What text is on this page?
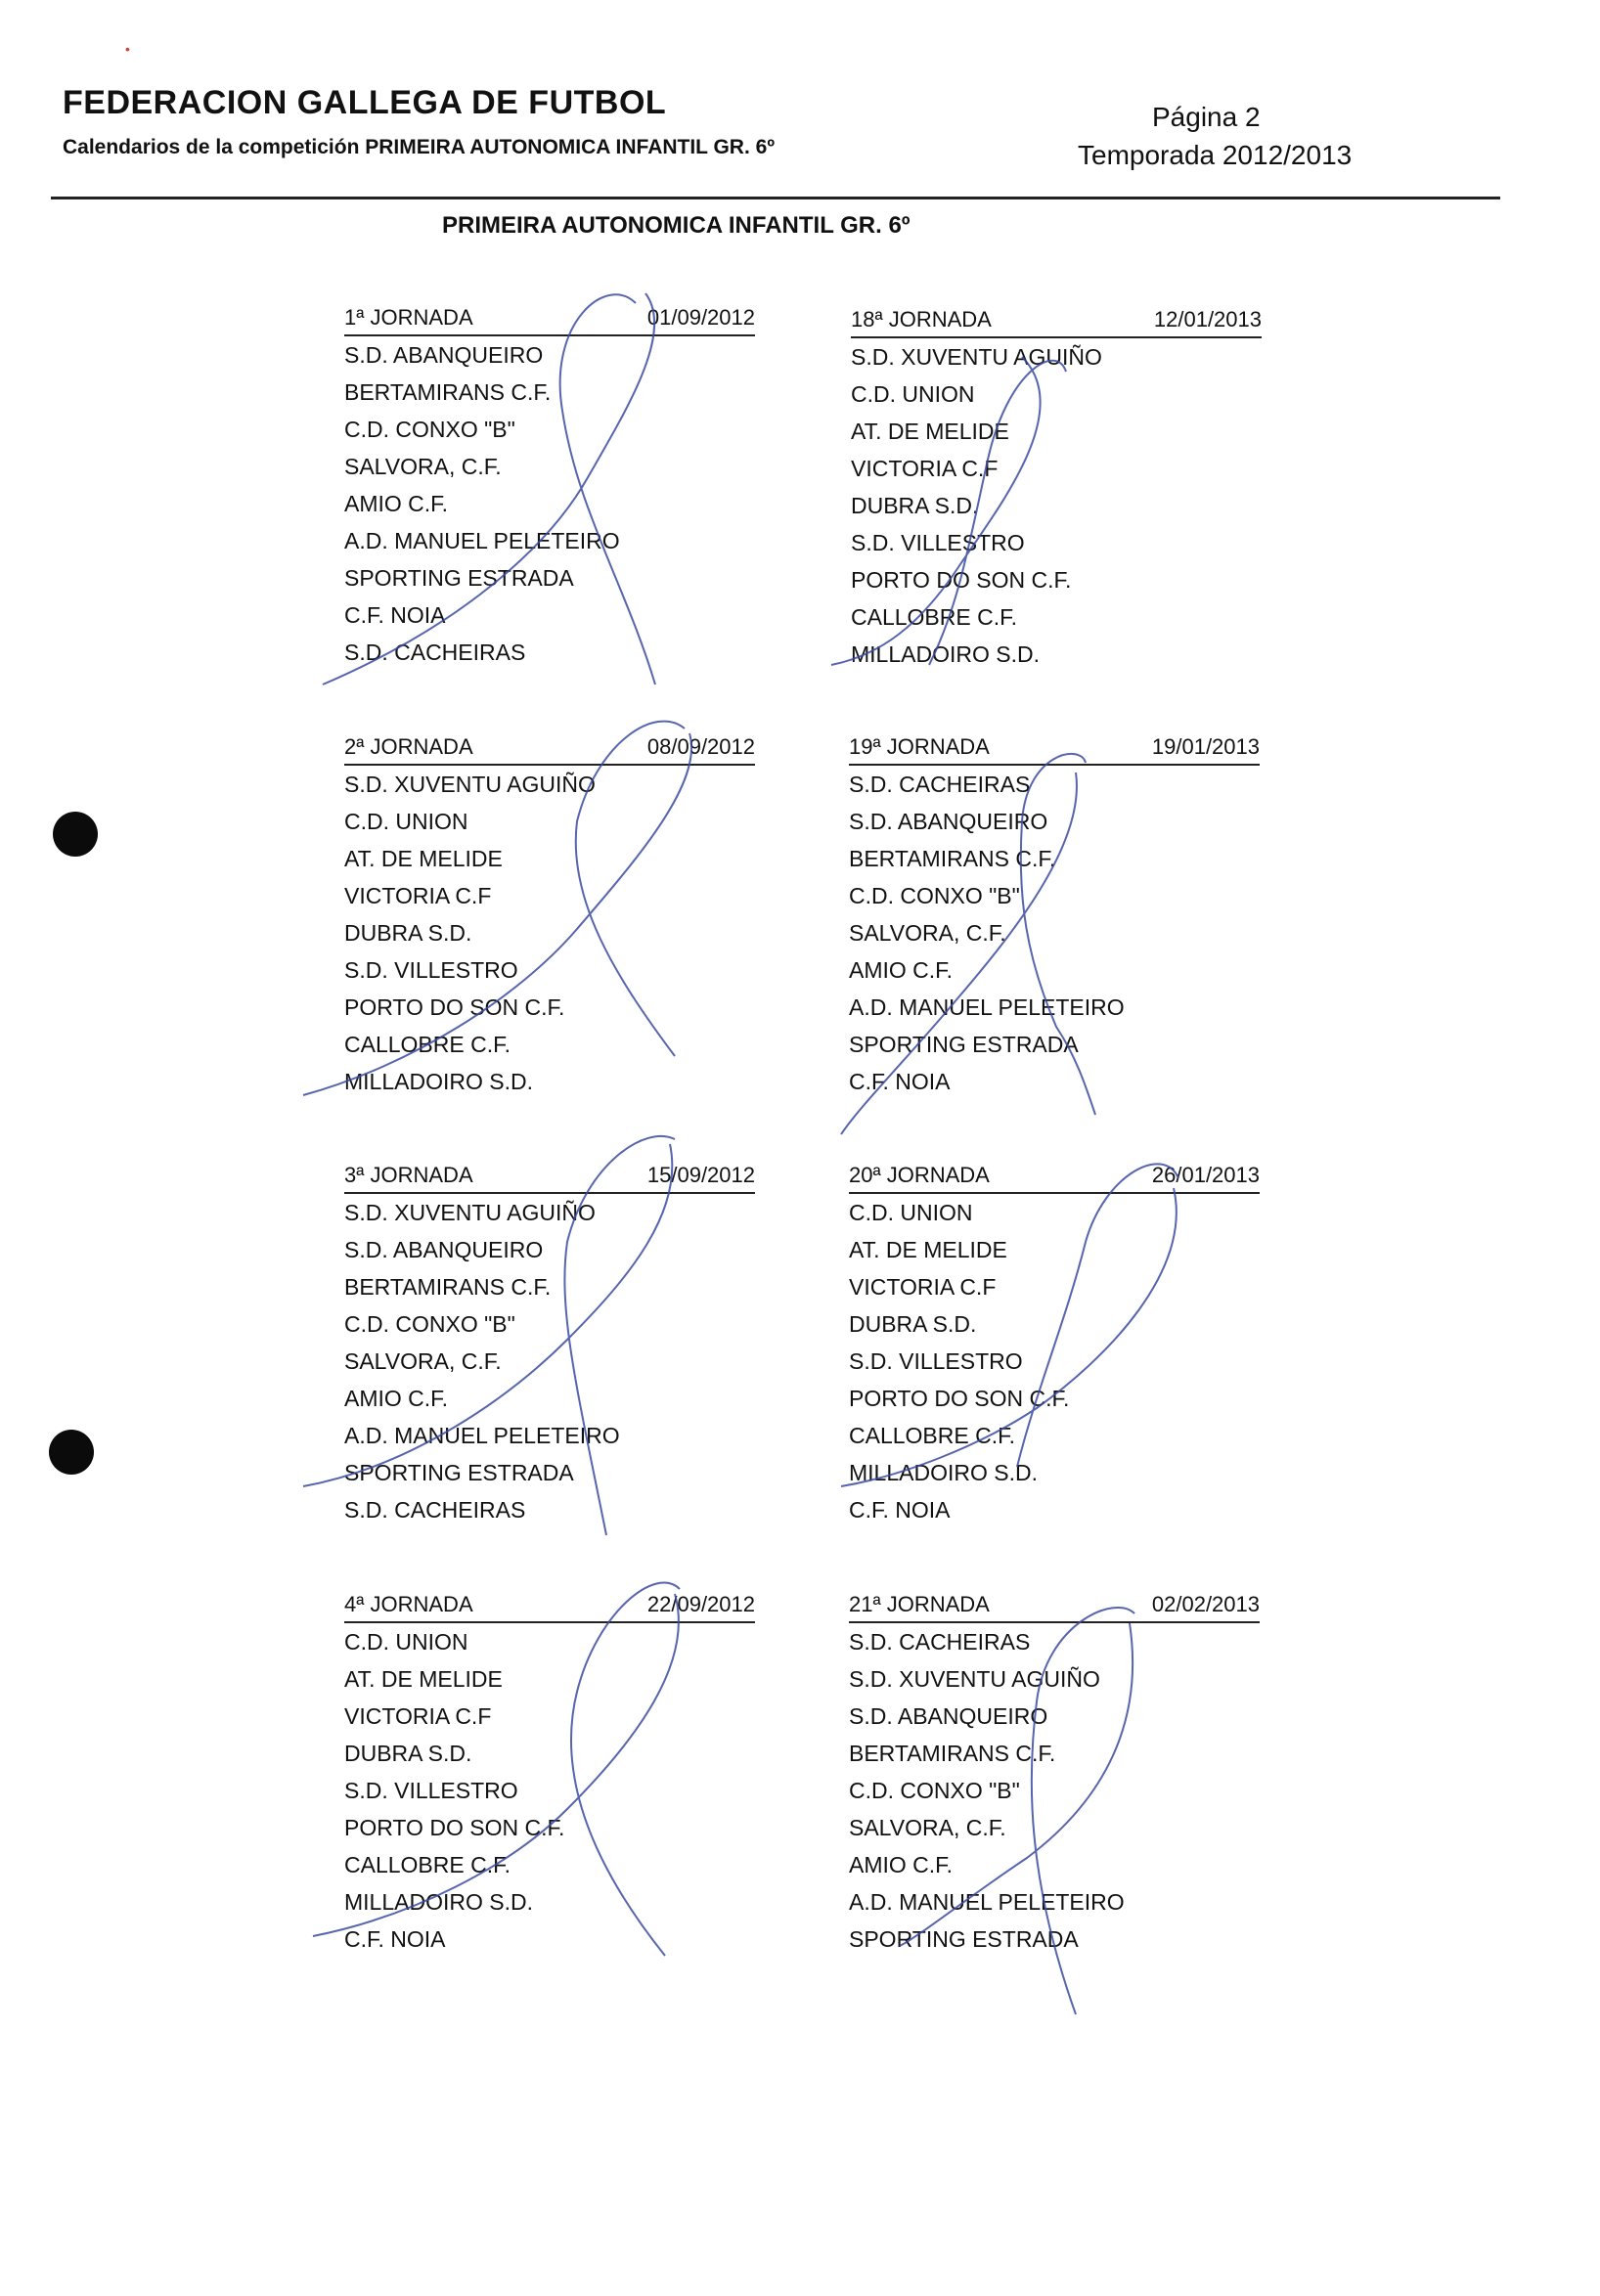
•
FEDERACION GALLEGA DE FUTBOL
Calendarios de la competición PRIMEIRA AUTONOMICA INFANTIL GR. 6º
Página 2
Temporada 2012/2013
PRIMEIRA AUTONOMICA INFANTIL GR. 6º
1ª JORNADA	01/09/2012
S.D. ABANQUEIRO
BERTAMIRANS C.F.
C.D. CONXO "B"
SALVORA, C.F.
AMIO C.F.
A.D. MANUEL PELETEIRO
SPORTING ESTRADA
C.F. NOIA
S.D. CACHEIRAS
18ª JORNADA	12/01/2013
S.D. XUVENTU AGUIÑO
C.D. UNION
AT. DE MELIDE
VICTORIA C.F
DUBRA S.D.
S.D. VILLESTRO
PORTO DO SON C.F.
CALLOBRE C.F.
MILLADOIRO S.D.
2ª JORNADA	08/09/2012
S.D. XUVENTU AGUIÑO
C.D. UNION
AT. DE MELIDE
VICTORIA C.F
DUBRA S.D.
S.D. VILLESTRO
PORTO DO SON C.F.
CALLOBRE C.F.
MILLADOIRO S.D.
19ª JORNADA	19/01/2013
S.D. CACHEIRAS
S.D. ABANQUEIRO
BERTAMIRANS C.F.
C.D. CONXO "B"
SALVORA, C.F.
AMIO C.F.
A.D. MANUEL PELETEIRO
SPORTING ESTRADA
C.F. NOIA
3ª JORNADA	15/09/2012
S.D. XUVENTU AGUIÑO
S.D. ABANQUEIRO
BERTAMIRANS C.F.
C.D. CONXO "B"
SALVORA, C.F.
AMIO C.F.
A.D. MANUEL PELETEIRO
SPORTING ESTRADA
S.D. CACHEIRAS
20ª JORNADA	26/01/2013
C.D. UNION
AT. DE MELIDE
VICTORIA C.F
DUBRA S.D.
S.D. VILLESTRO
PORTO DO SON C.F.
CALLOBRE C.F.
MILLADOIRO S.D.
C.F. NOIA
4ª JORNADA	22/09/2012
C.D. UNION
AT. DE MELIDE
VICTORIA C.F
DUBRA S.D.
S.D. VILLESTRO
PORTO DO SON C.F.
CALLOBRE C.F.
MILLADOIRO S.D.
C.F. NOIA
21ª JORNADA	02/02/2013
S.D. CACHEIRAS
S.D. XUVENTU AGUIÑO
S.D. ABANQUEIRO
BERTAMIRANS C.F.
C.D. CONXO "B"
SALVORA, C.F.
AMIO C.F.
A.D. MANUEL PELETEIRO
SPORTING ESTRADA
